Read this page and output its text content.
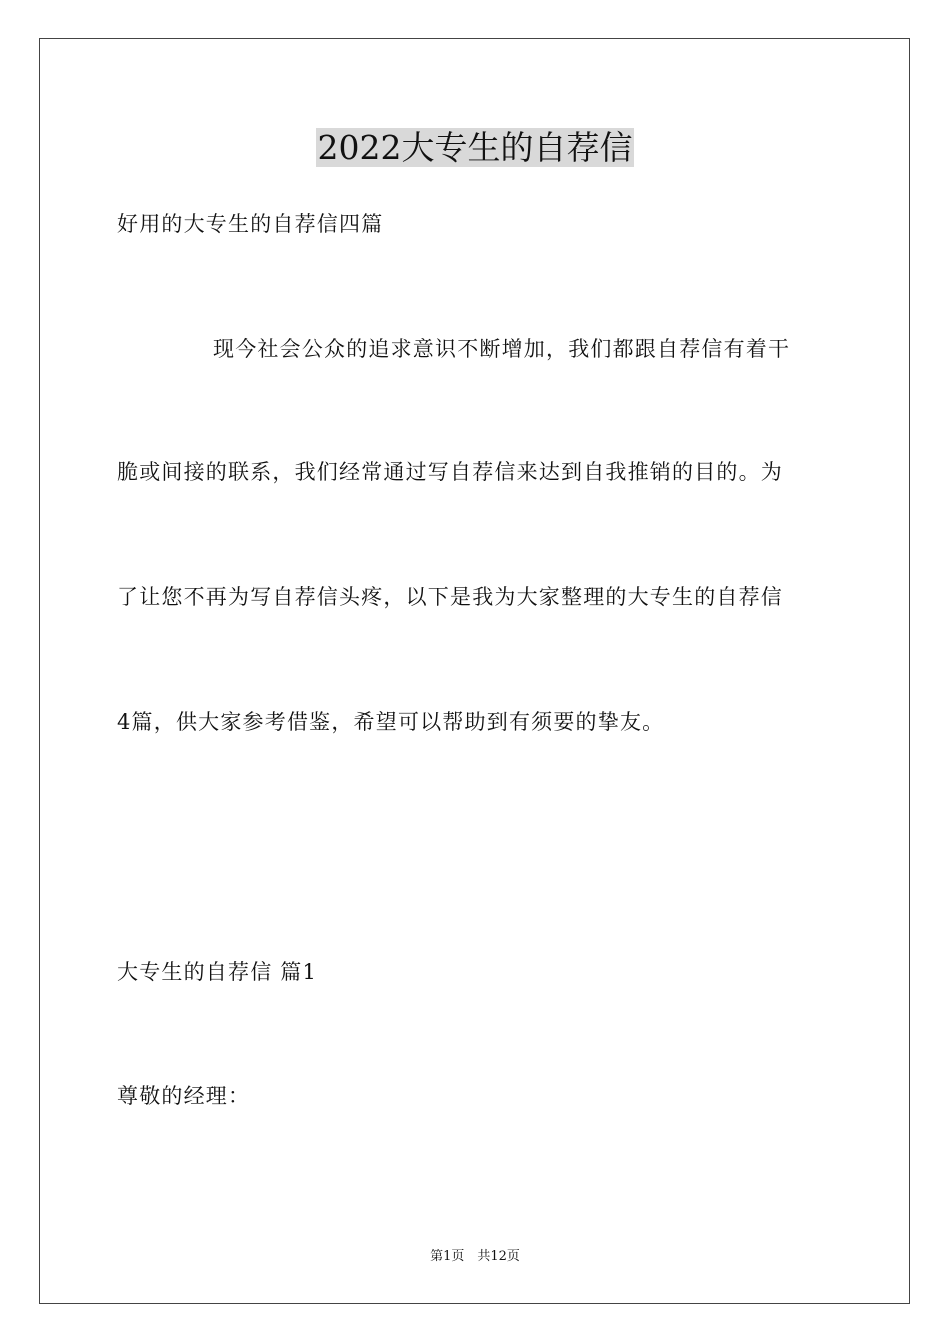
2022大专生的自荐信
好用的大专生的自荐信四篇
现今社会公众的追求意识不断增加，我们都跟自荐信有着干
脆或间接的联系，我们经常通过写自荐信来达到自我推销的目的。为
了让您不再为写自荐信头疼，以下是我为大家整理的大专生的自荐信
4篇，供大家参考借鉴，希望可以帮助到有须要的挚友。
大专生的自荐信 篇1
尊敬的经理：
第1页　共12页
